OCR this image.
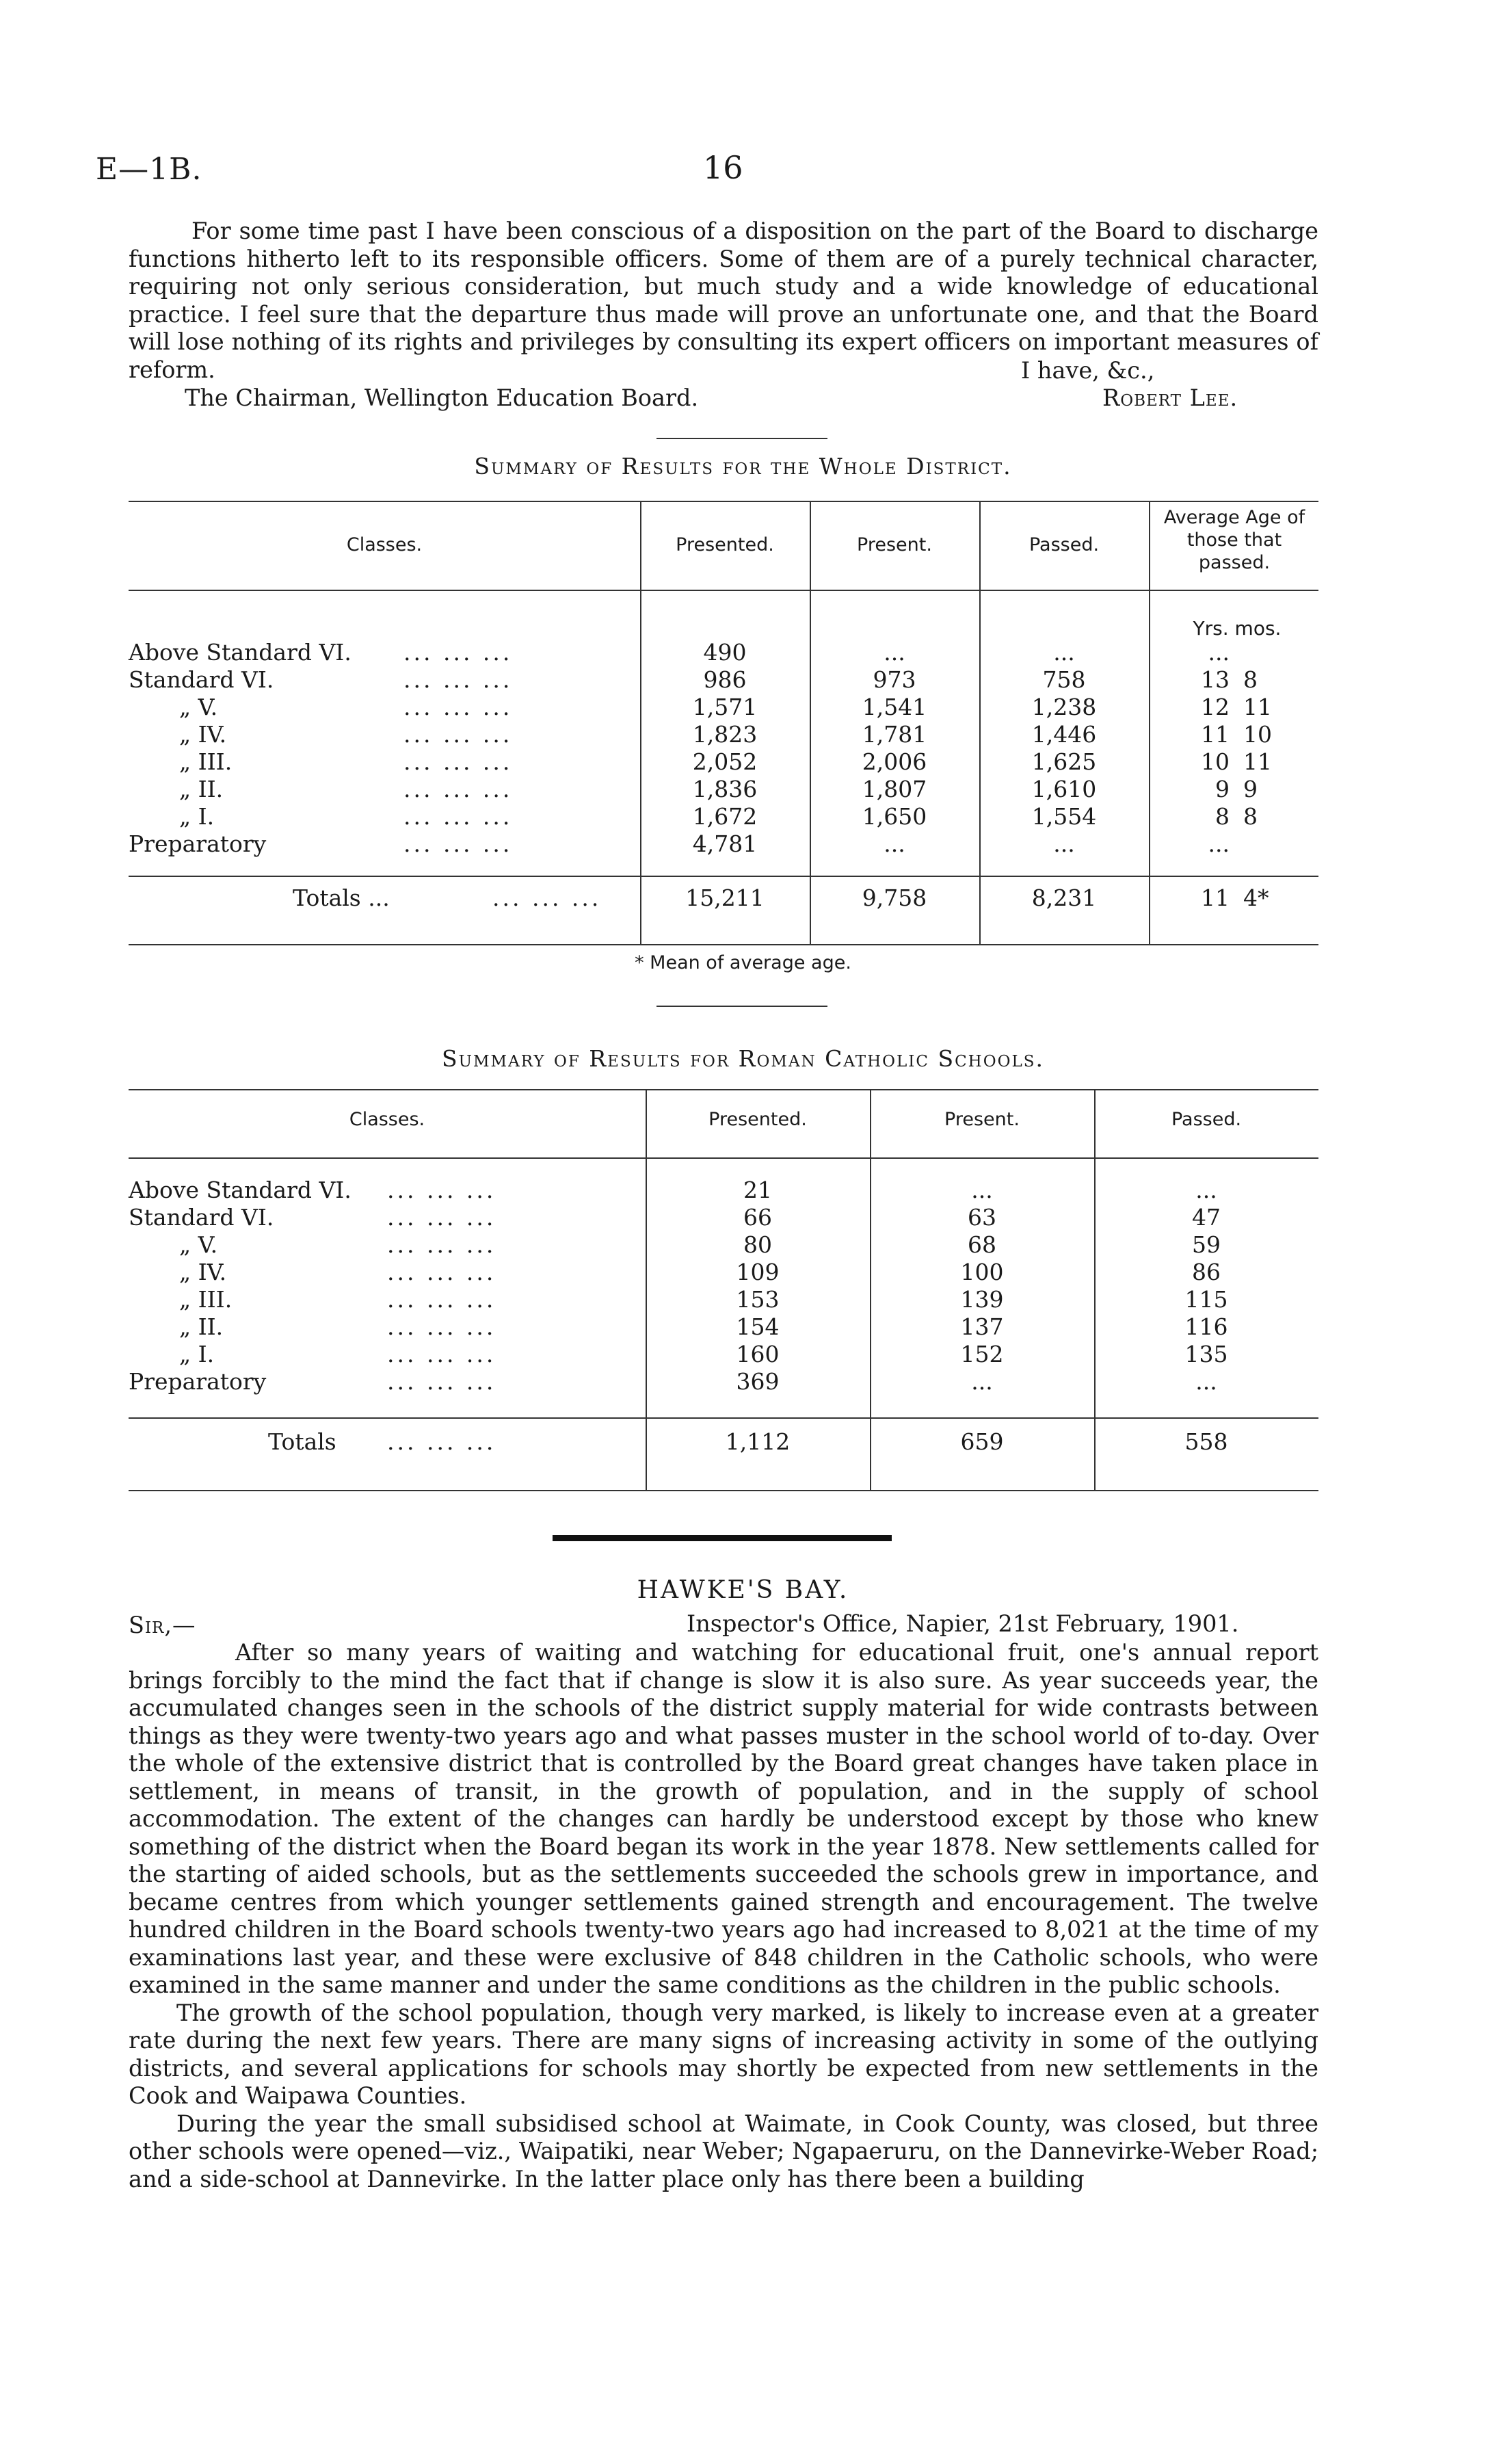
E—1B.	16

For some time past I have been conscious of a disposition on the part of the Board to discharge functions hitherto left to its responsible officers. Some of them are of a purely technical character, requiring not only serious consideration, but much study and a wide knowledge of educational practice. I feel sure that the departure thus made will prove an unfortunate one, and that the Board will lose nothing of its rights and privileges by consulting its expert officers on important measures of reform.	I have, &c.,
The Chairman, Wellington Education Board.	Robert Lee.
Summary of Results for the Whole District.
Classes.	Presented.	Present.	Passed.
Average Age of those that passed.
Yrs. mos.
Above Standard VI. ... ... ...	490	...	...	...
Standard VI.	... ... ...	986	973	758	13 8
„ V.	... ... ...	1,571	1,541	1,238	12 11
„ IV.	... ... ...	1,823	1,781	1,446	11 10
„ III.	... ... ...	2,052	2,006	1,625	10 11
„ II.	... ... ...	1,836	1,807	1,610	9 9
„ I.	... ... ...	1,672	1,650	1,554	8 8
Preparatory	... ... ...	4,781	...	...	...
Totals ...	... ... ...	15,211	9,758	8,231	11 4*
* Mean of average age.
Summary of Results for Roman Catholic Schools.
Classes.	Presented.	Present.	Passed.
Above Standard VI. ... ... ...	21	...	...
Standard VI.	... ... ...	66	63	47
„ V.	... ... ...	80	68	59
„ IV.	... ... ...	109	100	86
„ III.	... ... ...	153	139	115
„ II.	... ... ...	154	137	116
„ I.	... ... ...	160	152	135
Preparatory	... ... ...	369	...	...
Totals ... ... ...	1,112	659	558
HAWKE'S BAY.
Sir,—	Inspector's Office, Napier, 21st February, 1901.

After so many years of waiting and watching for educational fruit, one's annual report brings forcibly to the mind the fact that if change is slow it is also sure. As year succeeds year, the accumulated changes seen in the schools of the district supply material for wide contrasts between things as they were twenty-two years ago and what passes muster in the school world of to-day. Over the whole of the extensive district that is controlled by the Board great changes have taken place in settlement, in means of transit, in the growth of population, and in the supply of school accommodation. The extent of the changes can hardly be understood except by those who knew something of the district when the Board began its work in the year 1878. New settlements called for the starting of aided schools, but as the settlements succeeded the schools grew in importance, and became centres from which younger settlements gained strength and encouragement. The twelve hundred children in the Board schools twenty-two years ago had increased to 8,021 at the time of my examinations last year, and these were exclusive of 848 children in the Catholic schools, who were examined in the same manner and under the same conditions as the children in the public schools.

The growth of the school population, though very marked, is likely to increase even at a greater rate during the next few years. There are many signs of increasing activity in some of the outlying districts, and several applications for schools may shortly be expected from new settlements in the Cook and Waipawa Counties.

During the year the small subsidised school at Waimate, in Cook County, was closed, but three other schools were opened—viz., Waipatiki, near Weber; Ngapaeruru, on the Dannevirke-Weber Road; and a side-school at Dannevirke. In the latter place only has there been a building
